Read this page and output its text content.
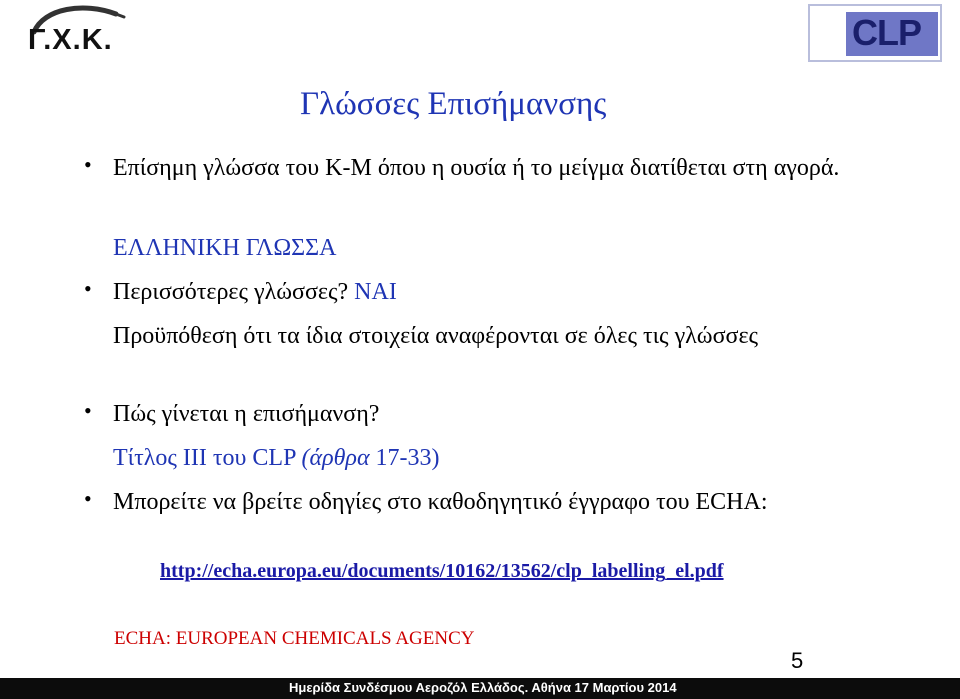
Γ.Χ.Κ.	CLP
Γλώσσες Επισήμανσης
• Επίσημη γλώσσα του Κ-Μ όπου η ουσία ή το μείγμα διατίθεται στη αγορά.
ΕΛΛΗΝΙΚΗ ΓΛΩΣΣΑ
• Περισσότερες γλώσσες? ΝΑΙ
Προϋπόθεση ότι τα ίδια στοιχεία αναφέρονται σε όλες τις γλώσσες
• Πώς γίνεται η επισήμανση?
Τίτλος ΙΙΙ του CLP (άρθρα 17-33)
• Μπορείτε να βρείτε οδηγίες στο καθοδηγητικό έγγραφο του ECHA:
http://echa.europa.eu/documents/10162/13562/clp_labelling_el.pdf
ECHA: EUROPEAN CHEMICALS AGENCY
5
Ημερίδα Συνδέσμου Αεροζόλ Ελλάδος. Αθήνα 17 Μαρτίου 2014
